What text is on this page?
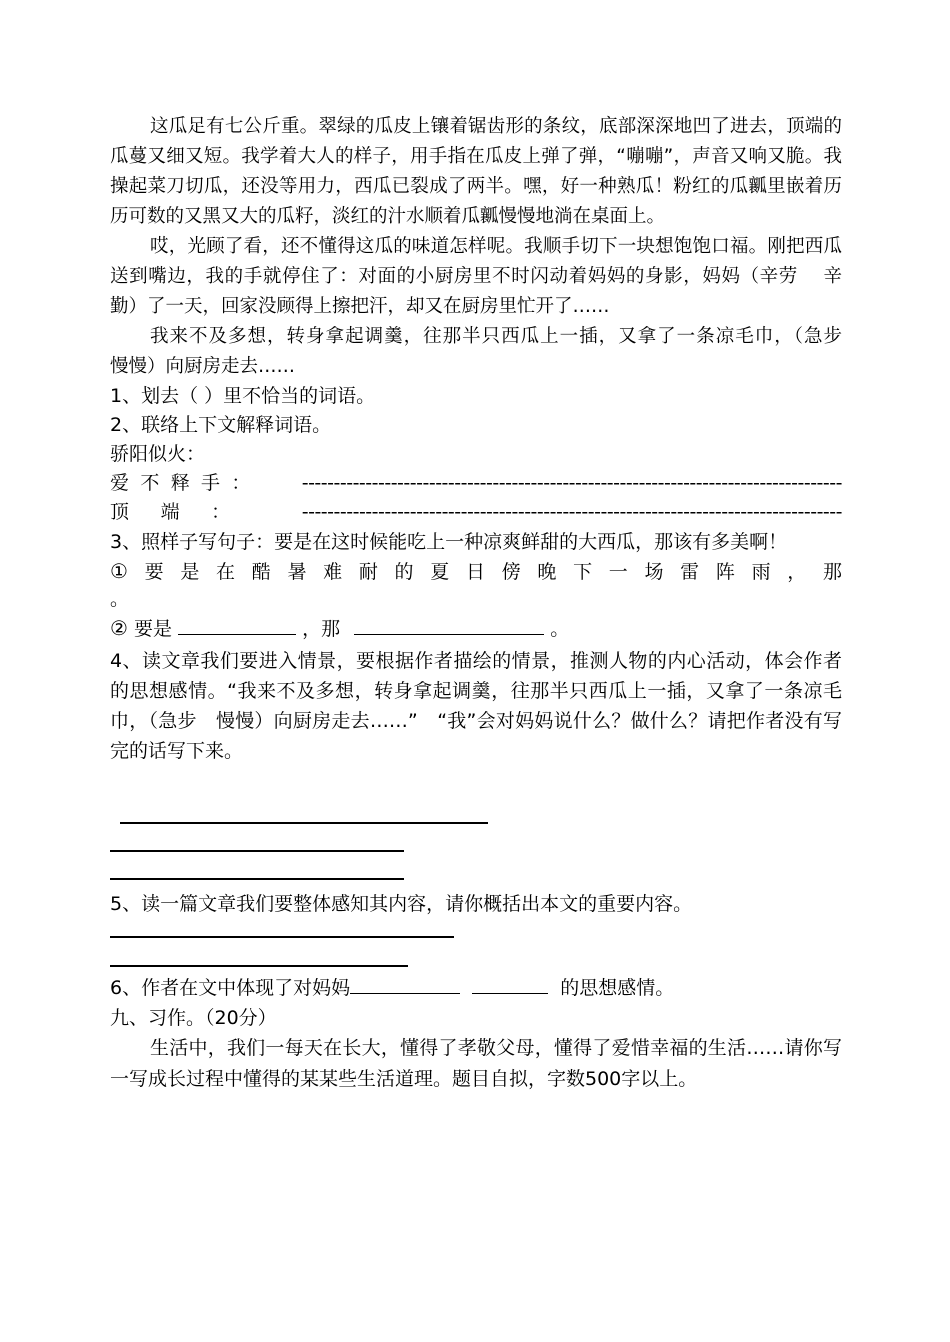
这瓜足有七公斤重。翠绿的瓜皮上镶着锯齿形的条纹，底部深深地凹了进去，顶端的瓜蔓又细又短。我学着大人的样子，用手指在瓜皮上弹了弹，“嘣嘣”，声音又响又脆。我操起菜刀切瓜，还没等用力，西瓜已裂成了两半。嘿，好一种熟瓜！粉红的瓜瓤里嵌着历历可数的又黑又大的瓜籽，淡红的汁水顺着瓜瓤慢慢地淌在桌面上。

哎，光顾了看，还不懂得这瓜的味道怎样呢。我顺手切下一块想饱饱口福。刚把西瓜送到嘴边，我的手就停住了：对面的小厨房里不时闪动着妈妈的身影，妈妈（辛劳　 辛勤）了一天，回家没顾得上擦把汗，却又在厨房里忙开了……

我来不及多想，转身拿起调羹，往那半只西瓜上一插，又拿了一条凉毛巾，（急步　慢慢）向厨房走去……

1、划去（ ）里不恰当的词语。
2、联络上下文解释词语。
骄阳似火：
爱 不 释 手 ：	-------------------------------------------------------------------------------------
顶 端 ：	-------------------------------------------------------------------------------------

3、照样子写句子：要是在这时候能吃上一种凉爽鲜甜的大西瓜，那该有多美啊！

① 要 是 在 酷 暑 难 耐 的 夏 日 傍 晚 下 一 场 雷 阵 雨 ， 那
。
② 要是	，那	。

4、读文章我们要进入情景，要根据作者描绘的情景，推测人物的内心活动，体会作者的思想感情。“我来不及多想，转身拿起调羹，往那半只西瓜上一插，又拿了一条凉毛巾，（急步　慢慢）向厨房走去……”　“我”会对妈妈说什么？做什么？请把作者没有写完的话写下来。

5、读一篇文章我们要整体感知其内容，请你概括出本文的重要内容。
6、作者在文中体现了对妈妈	的思想感情。
九、习作。（20分）

生活中，我们一每天在长大，懂得了孝敬父母，懂得了爱惜幸福的生活……请你写一写成长过程中懂得的某某些生活道理。题目自拟，字数500字以上。
